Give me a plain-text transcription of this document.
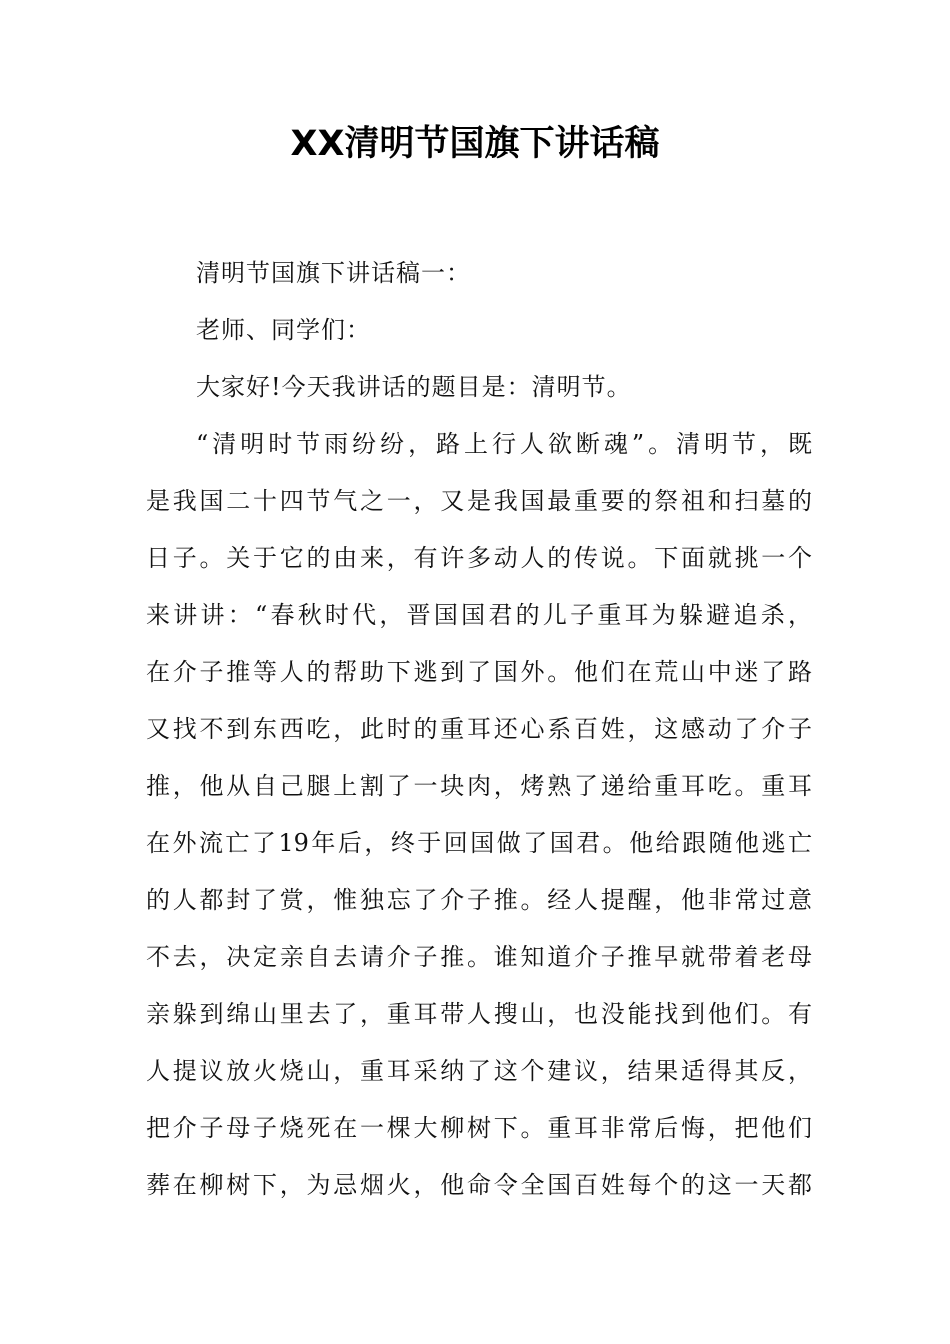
XX清明节国旗下讲话稿

清明节国旗下讲话稿一：

老师、同学们：

大家好!今天我讲话的题目是：清明节。

“清明时节雨纷纷，路上行人欲断魂”。清明节，既
是我国二十四节气之一，又是我国最重要的祭祖和扫墓的
日子。关于它的由来，有许多动人的传说。下面就挑一个
来讲讲：“春秋时代，晋国国君的儿子重耳为躲避追杀，
在介子推等人的帮助下逃到了国外。他们在荒山中迷了路
又找不到东西吃，此时的重耳还心系百姓，这感动了介子
推，他从自己腿上割了一块肉，烤熟了递给重耳吃。重耳
在外流亡了19年后，终于回国做了国君。他给跟随他逃亡
的人都封了赏，惟独忘了介子推。经人提醒，他非常过意
不去，决定亲自去请介子推。谁知道介子推早就带着老母
亲躲到绵山里去了，重耳带人搜山，也没能找到他们。有
人提议放火烧山，重耳采纳了这个建议，结果适得其反，
把介子母子烧死在一棵大柳树下。重耳非常后悔，把他们
葬在柳树下，为忌烟火，他命令全国百姓每个的这一天都
